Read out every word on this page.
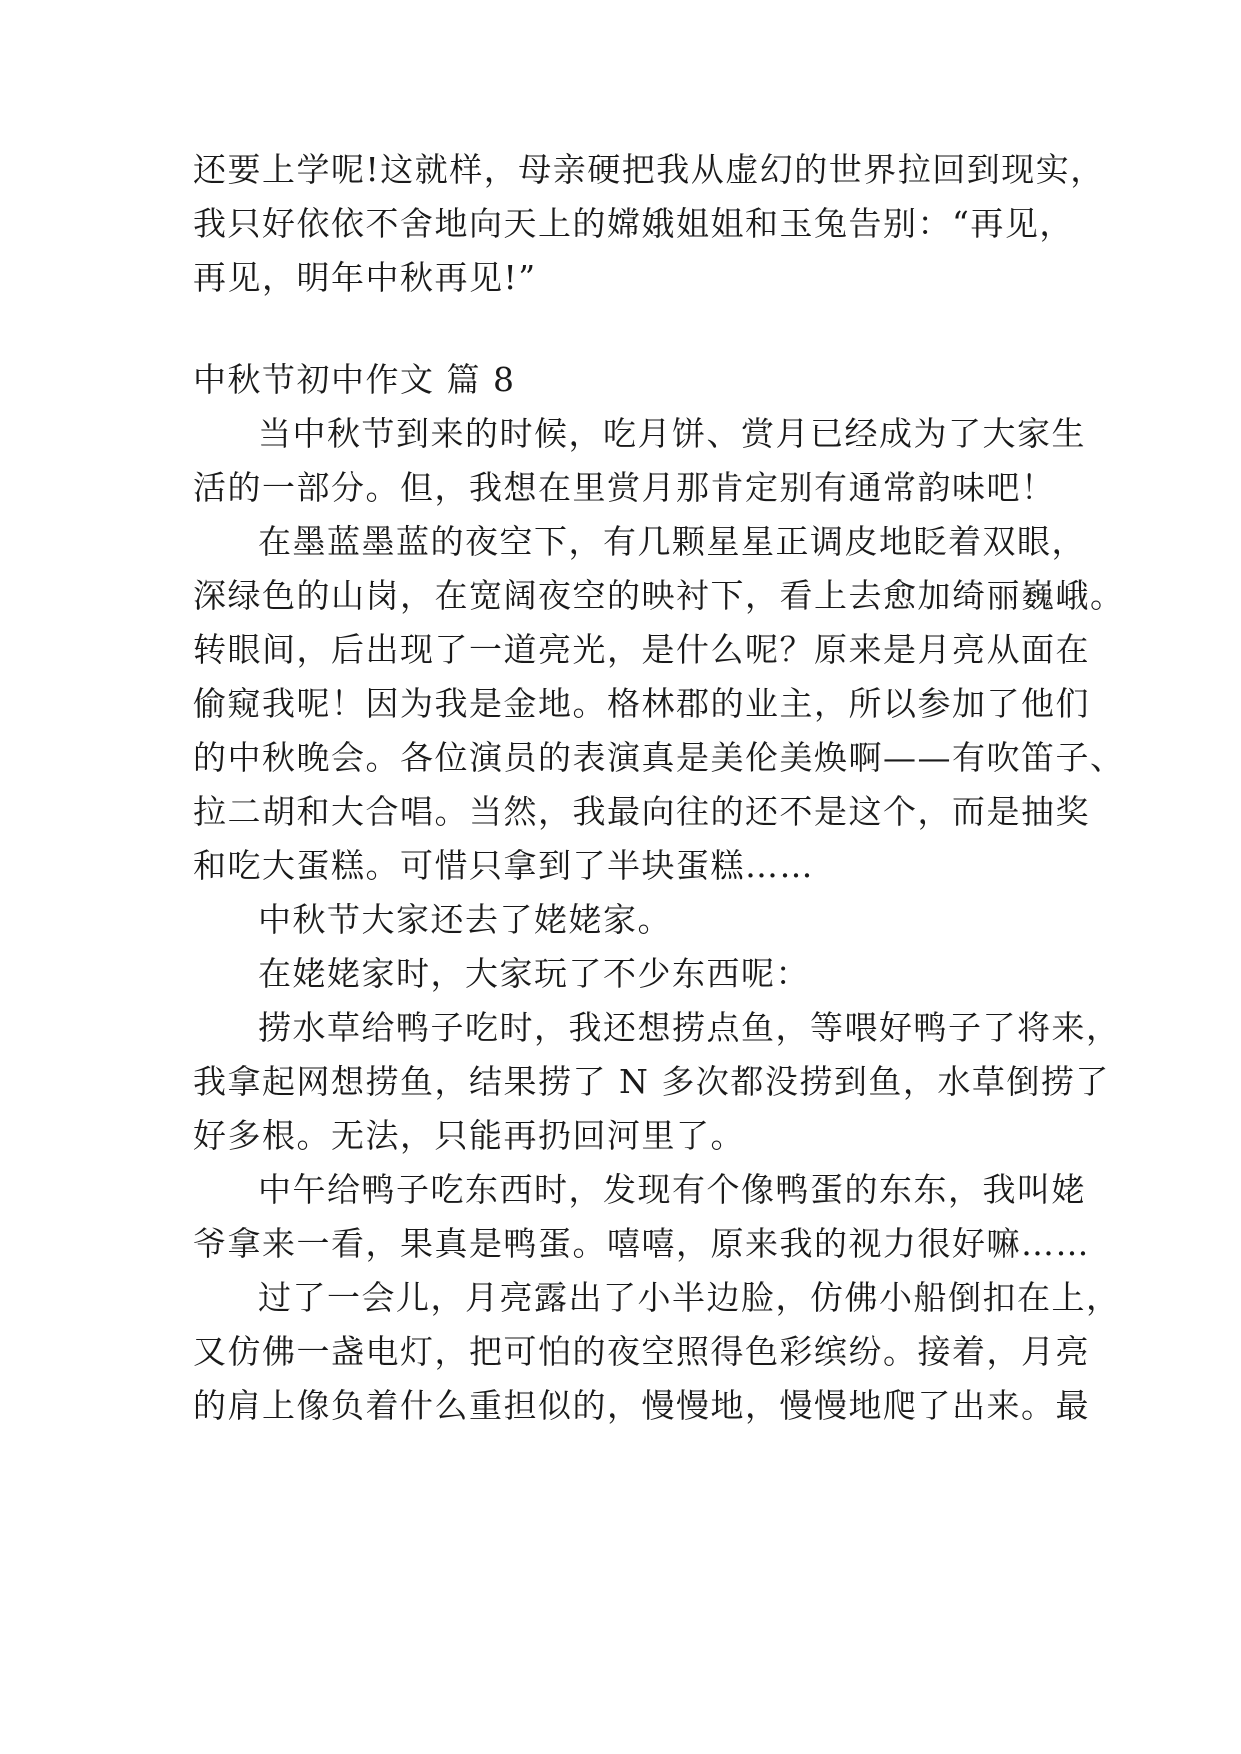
还要上学呢!这就样，母亲硬把我从虚幻的世界拉回到现实，
我只好依依不舍地向天上的嫦娥姐姐和玉兔告别：“再见，
再见，明年中秋再见!”
中秋节初中作文 篇 8
当中秋节到来的时候，吃月饼、赏月已经成为了大家生
活的一部分。但，我想在里赏月那肯定别有通常韵味吧！
在墨蓝墨蓝的夜空下，有几颗星星正调皮地眨着双眼，
深绿色的山岗，在宽阔夜空的映衬下，看上去愈加绮丽巍峨。
转眼间，后出现了一道亮光，是什么呢？原来是月亮从面在
偷窥我呢！因为我是金地。格林郡的业主，所以参加了他们
的中秋晚会。各位演员的表演真是美伦美焕啊——有吹笛子、
拉二胡和大合唱。当然，我最向往的还不是这个，而是抽奖
和吃大蛋糕。可惜只拿到了半块蛋糕……
中秋节大家还去了姥姥家。
在姥姥家时，大家玩了不少东西呢：
捞水草给鸭子吃时，我还想捞点鱼，等喂好鸭子了将来，
我拿起网想捞鱼，结果捞了 N 多次都没捞到鱼，水草倒捞了
好多根。无法，只能再扔回河里了。
中午给鸭子吃东西时，发现有个像鸭蛋的东东，我叫姥
爷拿来一看，果真是鸭蛋。嘻嘻，原来我的视力很好嘛……
过了一会儿，月亮露出了小半边脸，仿佛小船倒扣在上，
又仿佛一盏电灯，把可怕的夜空照得色彩缤纷。接着，月亮
的肩上像负着什么重担似的，慢慢地，慢慢地爬了出来。最
